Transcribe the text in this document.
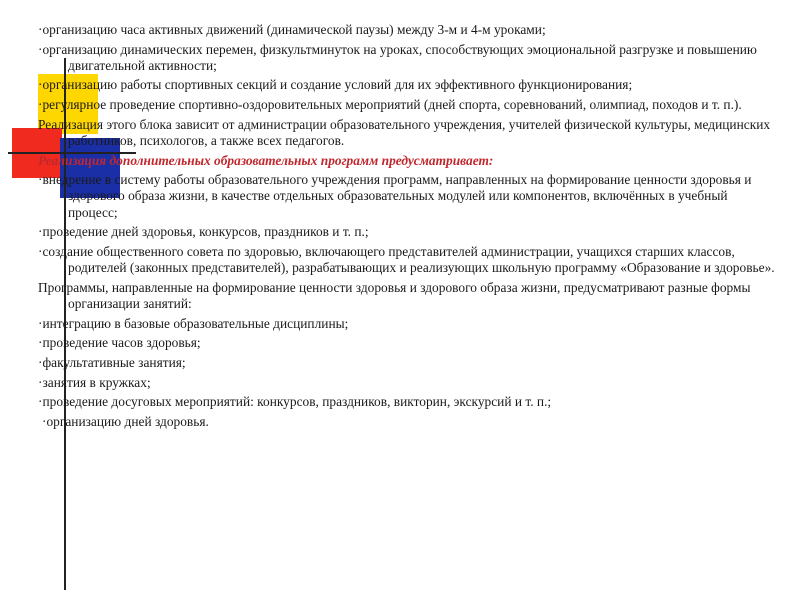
·организацию часа активных движений (динамической паузы) между 3-м и 4-м уроками;

·организацию динамических перемен, физкультминуток на уроках, способствующих эмоциональной разгрузке и повышению двигательной активности;

·организацию работы спортивных секций и создание условий для их эффективного функционирования;

·регулярное проведение спортивно-оздоровительных мероприятий (дней спорта, соревнований, олимпиад, походов и т. п.).

Реализация этого блока зависит от администрации образовательного учреждения, учителей физической культуры, медицинских работников, психологов, а также всех педагогов.

Реализация дополнительных образовательных программ предусматривает:

·внедрение в систему работы образовательного учреждения программ, направленных на формирование ценности здоровья и здорового образа жизни, в качестве отдельных образовательных модулей или компонентов, включённых в учебный процесс;

·проведение дней здоровья, конкурсов, праздников и т. п.;

·создание общественного совета по здоровью, включающего представителей администрации, учащихся старших классов, родителей (законных представителей), разрабатывающих и реализующих школьную программу «Образование и здоровье».

Программы, направленные на формирование ценности здоровья и здорового образа жизни, предусматривают разные формы организации занятий:

·интеграцию в базовые образовательные дисциплины;

·проведение часов здоровья;

·факультативные занятия;

·занятия в кружках;

·проведение досуговых мероприятий: конкурсов, праздников, викторин, экскурсий и т. п.;

·организацию дней здоровья.
